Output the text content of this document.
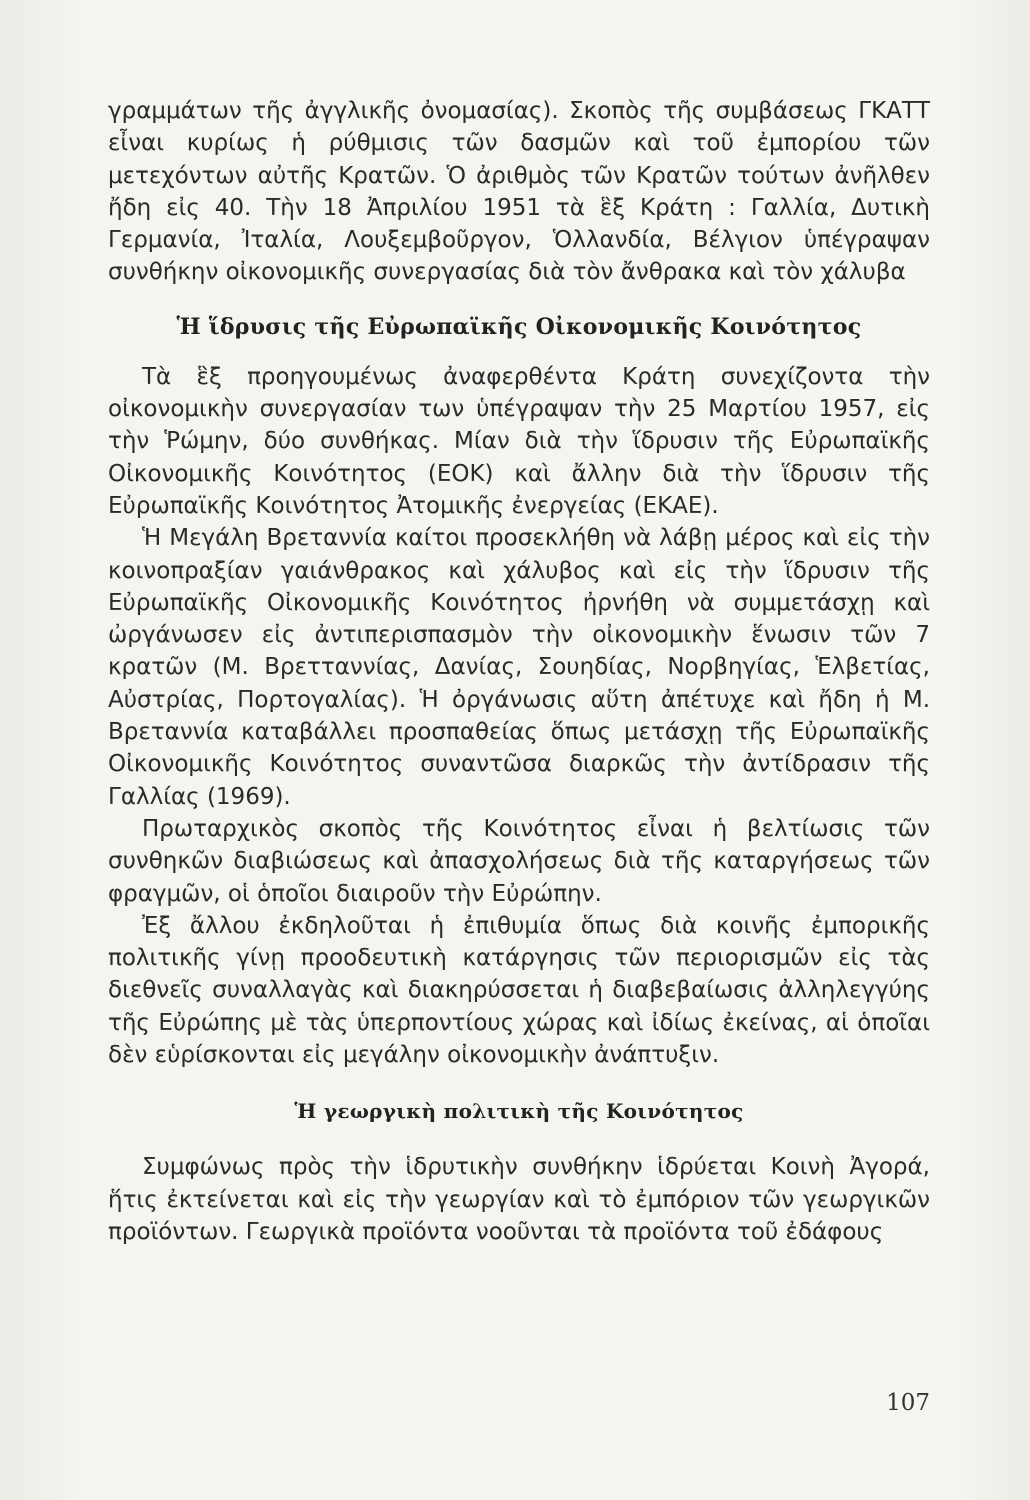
γραμμάτων τῆς ἀγγλικῆς ὀνομασίας). Σκοπὸς τῆς συμβάσεως ΓΚΑΤΤ εἶναι κυρίως ἡ ρύθμισις τῶν δασμῶν καὶ τοῦ ἐμπορίου τῶν μετεχόντων αὐτῆς Κρατῶν. Ὁ ἀριθμὸς τῶν Κρατῶν τούτων ἀνῆλθεν ἤδη εἰς 40. Τὴν 18 Ἀπριλίου 1951 τὰ ἓξ Κράτη : Γαλλία, Δυτικὴ Γερμανία, Ἰταλία, Λουξεμβοῦργον, Ὁλλανδία, Βέλγιον ὑπέγραψαν συνθήκην οἰκονομικῆς συνεργασίας διὰ τὸν ἄνθρακα καὶ τὸν χάλυβα

Ἡ ἵδρυσις τῆς Εὐρωπαϊκῆς Οἰκονομικῆς Κοινότητος

Τὰ ἓξ προηγουμένως ἀναφερθέντα Κράτη συνεχίζοντα τὴν οἰκονομικὴν συνεργασίαν των ὑπέγραψαν τὴν 25 Μαρτίου 1957, εἰς τὴν Ῥώμην, δύο συνθήκας. Μίαν διὰ τὴν ἵδρυσιν τῆς Εὐρωπαϊκῆς Οἰκονομικῆς Κοινότητος (ΕΟΚ) καὶ ἄλλην διὰ τὴν ἵδρυσιν τῆς Εὐρωπαϊκῆς Κοινότητος Ἀτομικῆς ἐνεργείας (ΕΚΑΕ).

Ἡ Μεγάλη Βρεταννία καίτοι προσεκλήθη νὰ λάβῃ μέρος καὶ εἰς τὴν κοινοπραξίαν γαιάνθρακος καὶ χάλυβος καὶ εἰς τὴν ἵδρυσιν τῆς Εὐρωπαϊκῆς Οἰκονομικῆς Κοινότητος ἠρνήθη νὰ συμμετάσχῃ καὶ ὠργάνωσεν εἰς ἀντιπερισπασμὸν τὴν οἰκονομικὴν ἕνωσιν τῶν 7 κρατῶν (Μ. Βρετταννίας, Δανίας, Σουηδίας, Νορβηγίας, Ἑλβετίας, Αὐστρίας, Πορτογαλίας). Ἡ ὀργάνωσις αὕτη ἀπέτυχε καὶ ἤδη ἡ Μ. Βρεταννία καταβάλλει προσπαθείας ὅπως μετάσχῃ τῆς Εὐρωπαϊκῆς Οἰκονομικῆς Κοινότητος συναντῶσα διαρκῶς τὴν ἀντίδρασιν τῆς Γαλλίας (1969).

Πρωταρχικὸς σκοπὸς τῆς Κοινότητος εἶναι ἡ βελτίωσις τῶν συνθηκῶν διαβιώσεως καὶ ἀπασχολήσεως διὰ τῆς καταργήσεως τῶν φραγμῶν, οἱ ὁποῖοι διαιροῦν τὴν Εὐρώπην.

Ἐξ ἄλλου ἐκδηλοῦται ἡ ἐπιθυμία ὅπως διὰ κοινῆς ἐμπορικῆς πολιτικῆς γίνῃ προοδευτικὴ κατάργησις τῶν περιορισμῶν εἰς τὰς διεθνεῖς συναλλαγὰς καὶ διακηρύσσεται ἡ διαβεβαίωσις ἀλληλεγγύης τῆς Εὐρώπης μὲ τὰς ὑπερποντίους χώρας καὶ ἰδίως ἐκείνας, αἱ ὁποῖαι δὲν εὑρίσκονται εἰς μεγάλην οἰκονομικὴν ἀνάπτυξιν.

Ἡ γεωργικὴ πολιτικὴ τῆς Κοινότητος

Συμφώνως πρὸς τὴν ἱδρυτικὴν συνθήκην ἱδρύεται Κοινὴ Ἀγορά, ἥτις ἐκτείνεται καὶ εἰς τὴν γεωργίαν καὶ τὸ ἐμπόριον τῶν γεωργικῶν προϊόντων. Γεωργικὰ προϊόντα νοοῦνται τὰ προϊόντα τοῦ ἐδάφους

107
